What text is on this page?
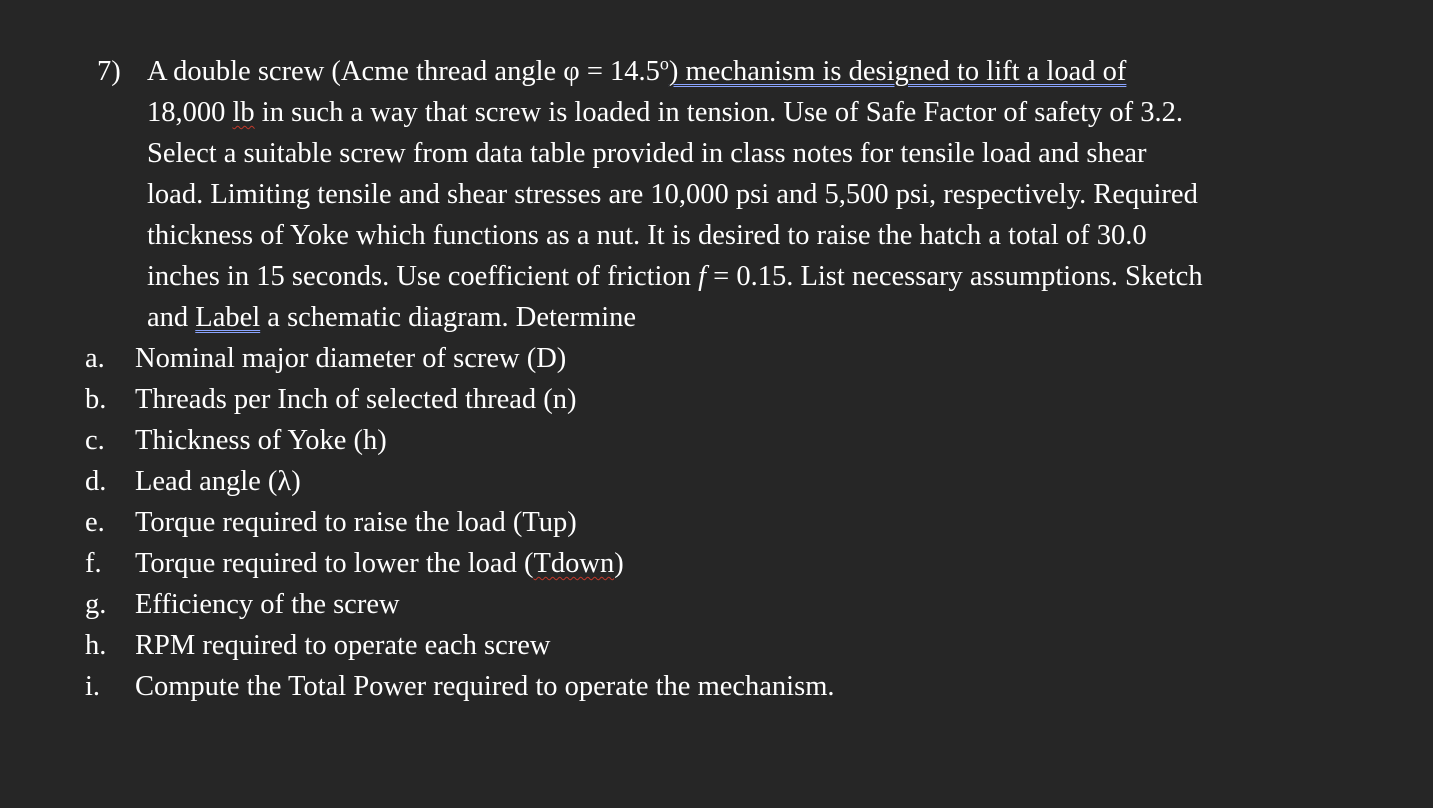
7) A double screw (Acme thread angle $\varphi = 14.5^o$) mechanism is designed to lift a load of
18,000 lb in such a way that screw is loaded in tension. Use of Safe Factor of safety of 3.2.
Select a suitable screw from data table provided in class notes for tensile load and shear
load. Limiting tensile and shear stresses are 10,000 psi and 5,500 psi, respectively. Required
thickness of Yoke which functions as a nut. It is desired to raise the hatch a total of 30.0
inches in 15 seconds. Use coefficient of friction f = 0.15. List necessary assumptions. Sketch
and Label a schematic diagram. Determine
a. Nominal major diameter of screw (D)
b. Threads per Inch of selected thread (n)
c. Thickness of Yoke (h)
d. Lead angle (λ)
e. Torque required to raise the load (Tup)
f. Torque required to lower the load (Tdown)
g. Efficiency of the screw
h. RPM required to operate each screw
i. Compute the Total Power required to operate the mechanism.
